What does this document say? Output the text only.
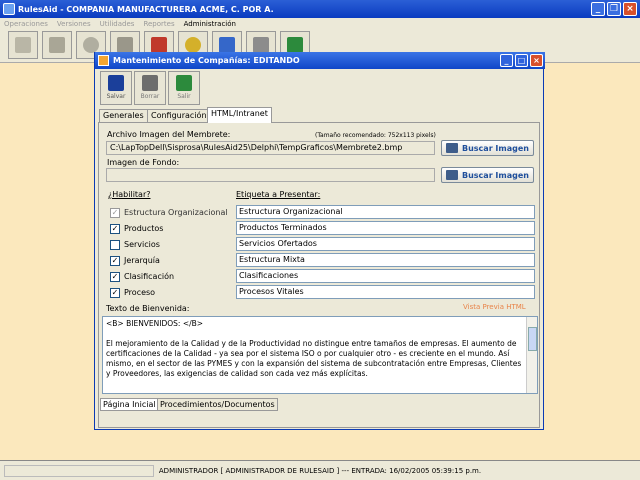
RulesAid - COMPANIA MANUFACTURERA ACME, C. POR A.	_	❐ ×
Operaciones Versiones Utilidades Reportes Administración
Mantenimiento de Compañías: EDITANDO	_	□ ×
Salvar	Borrar	Salir
Generales Configuración HTML/Intranet
Archivo Imagen del Membrete:	(Tamaño recomendado: 752x113 pixels)
C:\LapTopDell\Sisprosa\RulesAid25\Delphi\TempGraficos\Membrete2.bmp	Buscar Imagen
Imagen de Fondo:
Buscar Imagen
¿Habilitar?	Etiqueta a Presentar:
✓ Estructura Organizacional	Estructura Organizacional
✓ Productos	Productos Terminados
Servicios	Servicios Ofertados
✓ Jerarquía	Estructura Mixta
✓ Clasificación	Clasificaciones
✓ Proceso	Procesos Vitales
Texto de Bienvenida:	Vista Previa HTML
<B> BIENVENIDOS: </B>
El mejoramiento de la Calidad y de la Productividad no distingue entre tamaños de empresas. El aumento de certificaciones de la Calidad - ya sea por el sistema ISO o por cualquier otro - es creciente en el mundo. Así mismo, en el sector de las PYMES y con la expansión del sistema de subcontratación entre Empresas, Clientes y Proveedores, las exigencias de calidad son cada vez más explícitas.
Página Inicial Procedimientos/Documentos
ADMINISTRADOR [ ADMINISTRADOR DE RULESAID ] --- ENTRADA: 16/02/2005 05:39:15 p.m.
